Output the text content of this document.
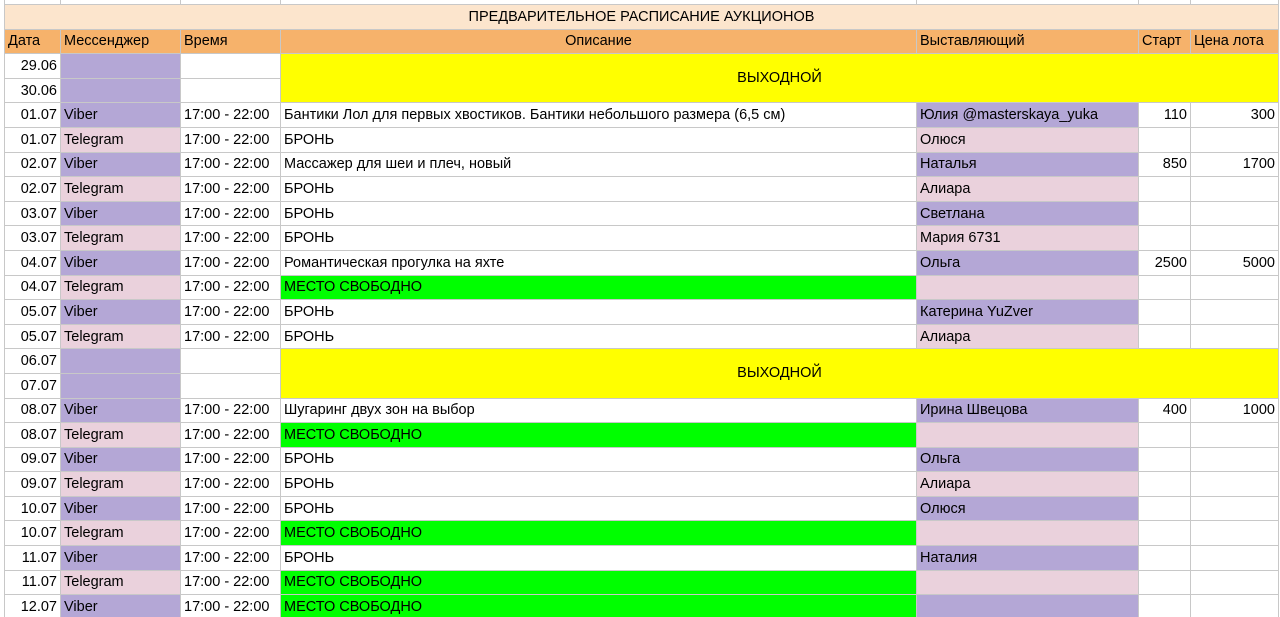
ПРЕДВАРИТЕЛЬНОЕ РАСПИСАНИЕ АУКЦИОНОВ						
Дата	Мессенджер	Время	Описание	Выставляющий	Старт	Цена лота
29.06			ВЫХОДНОЙ			
30.06						
01.07	Viber	17:00 - 22:00	Бантики Лол для первых хвостиков. Бантики небольшого размера (6,5 см)	Юлия @masterskaya_yuka	110	300
01.07	Telegram	17:00 - 22:00	БРОНЬ	Олюся		
02.07	Viber	17:00 - 22:00	Массажер для шеи и плеч, новый	Наталья	850	1700
02.07	Telegram	17:00 - 22:00	БРОНЬ	Алиара		
03.07	Viber	17:00 - 22:00	БРОНЬ	Светлана		
03.07	Telegram	17:00 - 22:00	БРОНЬ	Мария 6731		
04.07	Viber	17:00 - 22:00	Романтическая прогулка на яхте	Ольга	2500	5000
04.07	Telegram	17:00 - 22:00	МЕСТО СВОБОДНО			
05.07	Viber	17:00 - 22:00	БРОНЬ	Катерина YuZver		
05.07	Telegram	17:00 - 22:00	БРОНЬ	Алиара		
06.07			ВЫХОДНОЙ			
07.07						
08.07	Viber	17:00 - 22:00	Шугаринг двух зон на выбор	Ирина Швецова	400	1000
08.07	Telegram	17:00 - 22:00	МЕСТО СВОБОДНО			
09.07	Viber	17:00 - 22:00	БРОНЬ	Ольга		
09.07	Telegram	17:00 - 22:00	БРОНЬ	Алиара		
10.07	Viber	17:00 - 22:00	БРОНЬ	Олюся		
10.07	Telegram	17:00 - 22:00	МЕСТО СВОБОДНО			
11.07	Viber	17:00 - 22:00	БРОНЬ	Наталия		
11.07	Telegram	17:00 - 22:00	МЕСТО СВОБОДНО			
12.07	Viber	17:00 - 22:00	МЕСТО СВОБОДНО			
